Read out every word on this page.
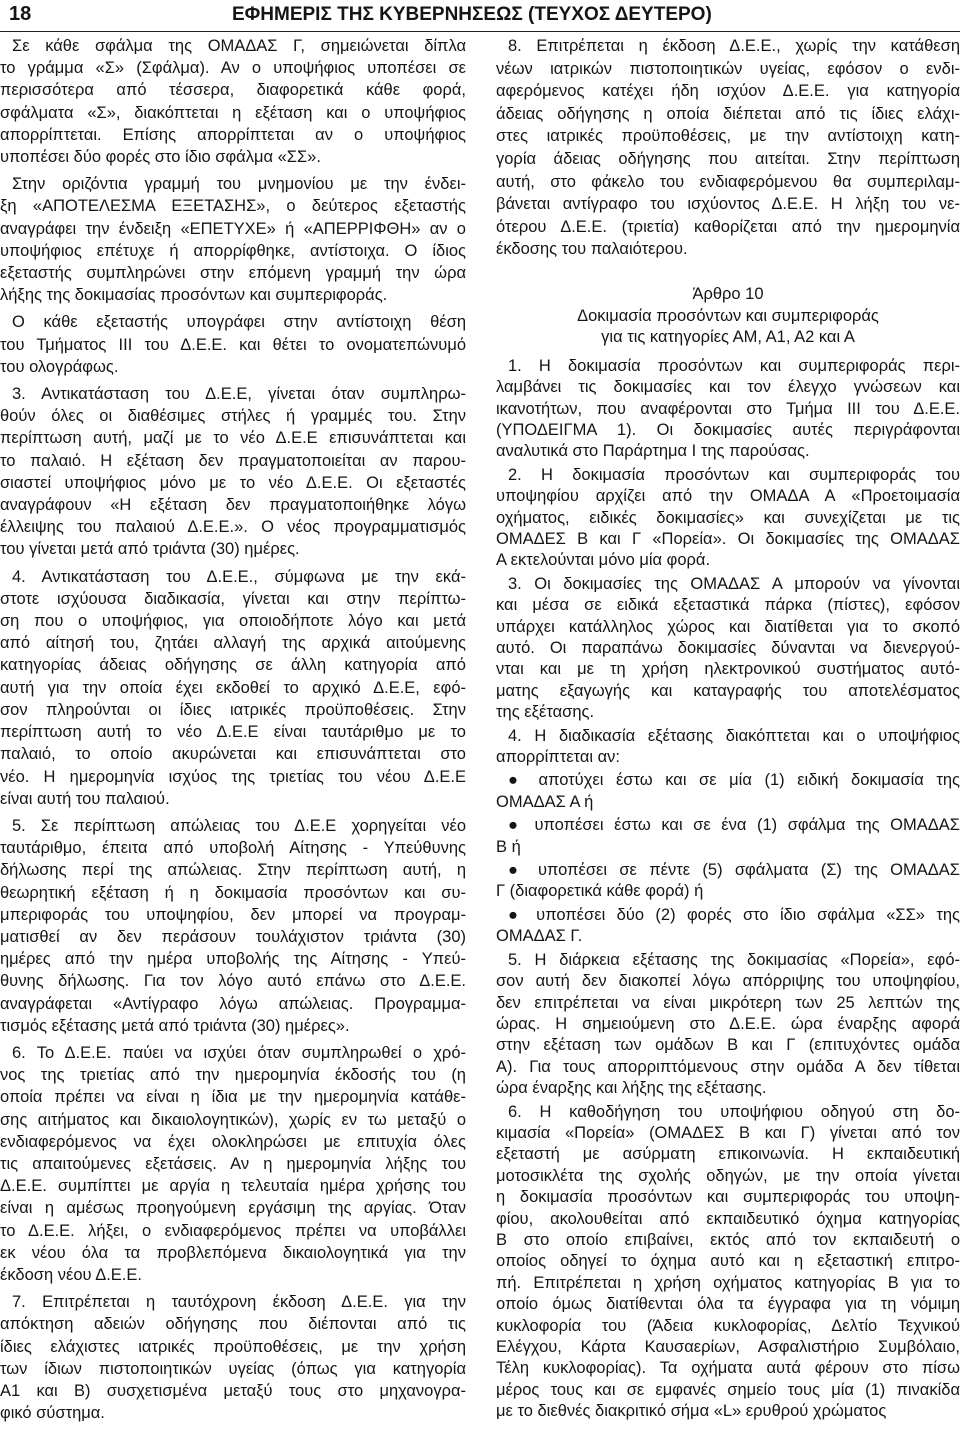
18	ΕΦΗΜΕΡΙΣ ΤΗΣ ΚΥΒΕΡΝΗΣΕΩΣ (ΤΕΥΧΟΣ ΔΕΥΤΕΡΟ)
Σε κάθε σφάλμα της ΟΜΑΔΑΣ Γ, σημειώνεται δίπλα
το γράμμα «Σ» (Σφάλμα). Αν ο υποψήφιος υποπέσει σε
περισσότερα από τέσσερα, διαφορετικά κάθε φορά,
σφάλματα «Σ», διακόπτεται η εξέταση και ο υποψήφιος
απορρίπτεται. Επίσης απορρίπτεται αν ο υποψήφιος
υποπέσει δύο φορές στο ίδιο σφάλμα «ΣΣ».
Στην οριζόντια γραμμή του μνημονίου με την ένδει-
ξη «ΑΠΟΤΕΛΕΣΜΑ ΕΞΕΤΑΣΗΣ», ο δεύτερος εξεταστής
αναγράφει την ένδειξη «ΕΠΕΤΥΧΕ» ή «ΑΠΕΡΡΙΦΘΗ» αν ο
υποψήφιος επέτυχε ή απορρίφθηκε, αντίστοιχα. Ο ίδιος
εξεταστής συμπληρώνει στην επόμενη γραμμή την ώρα
λήξης της δοκιμασίας προσόντων και συμπεριφοράς.
Ο κάθε εξεταστής υπογράφει στην αντίστοιχη θέση
του Τμήματος ΙΙΙ του Δ.Ε.Ε. και θέτει το ονοματεπώνυμό
του ολογράφως.
3. Αντικατάσταση του Δ.Ε.Ε, γίνεται όταν συμπληρω-
θούν όλες οι διαθέσιμες στήλες ή γραμμές του. Στην
περίπτωση αυτή, μαζί με το νέο Δ.Ε.Ε επισυνάπτεται και
το παλαιό. Η εξέταση δεν πραγματοποιείται αν παρου-
σιαστεί υποψήφιος μόνο με το νέο Δ.Ε.Ε. Οι εξεταστές
αναγράφουν «Η εξέταση δεν πραγματοποιήθηκε λόγω
έλλειψης του παλαιού Δ.Ε.Ε.». Ο νέος προγραμματισμός
του γίνεται μετά από τριάντα (30) ημέρες.
4. Αντικατάσταση του Δ.Ε.Ε., σύμφωνα με την εκά-
στοτε ισχύουσα διαδικασία, γίνεται και στην περίπτω-
ση που ο υποψήφιος, για οποιοδήποτε λόγο και μετά
από αίτησή του, ζητάει αλλαγή της αρχικά αιτούμενης
κατηγορίας άδειας οδήγησης σε άλλη κατηγορία από
αυτή για την οποία έχει εκδοθεί το αρχικό Δ.Ε.Ε, εφό-
σον πληρούνται οι ίδιες ιατρικές προϋποθέσεις. Στην
περίπτωση αυτή το νέο Δ.Ε.Ε είναι ταυτάριθμο με το
παλαιό, το οποίο ακυρώνεται και επισυνάπτεται στο
νέο. Η ημερομηνία ισχύος της τριετίας του νέου Δ.Ε.Ε
είναι αυτή του παλαιού.
5. Σε περίπτωση απώλειας του Δ.Ε.Ε χορηγείται νέο
ταυτάριθμο, έπειτα από υποβολή Αίτησης - Υπεύθυνης
δήλωσης περί της απώλειας. Στην περίπτωση αυτή, η
θεωρητική εξέταση ή η δοκιμασία προσόντων και συ-
μπεριφοράς του υποψηφίου, δεν μπορεί να προγραμ-
ματισθεί αν δεν περάσουν τουλάχιστον τριάντα (30)
ημέρες από την ημέρα υποβολής της Αίτησης - Υπεύ-
θυνης δήλωσης. Για τον λόγο αυτό επάνω στο Δ.Ε.Ε.
αναγράφεται «Αντίγραφο λόγω απώλειας. Προγραμμα-
τισμός εξέτασης μετά από τριάντα (30) ημέρες».
6. Το Δ.Ε.Ε. παύει να ισχύει όταν συμπληρωθεί ο χρό-
νος της τριετίας από την ημερομηνία έκδοσής του (η
οποία πρέπει να είναι η ίδια με την ημερομηνία κατάθε-
σης αιτήματος και δικαιολογητικών), χωρίς εν τω μεταξύ ο
ενδιαφερόμενος να έχει ολοκληρώσει με επιτυχία όλες
τις απαιτούμενες εξετάσεις. Αν η ημερομηνία λήξης του
Δ.Ε.Ε. συμπίπτει με αργία η τελευταία ημέρα χρήσης του
είναι η αμέσως προηγούμενη εργάσιμη της αργίας. Όταν
το Δ.Ε.Ε. λήξει, ο ενδιαφερόμενος πρέπει να υποβάλλει
εκ νέου όλα τα προβλεπόμενα δικαιολογητικά για την
έκδοση νέου Δ.Ε.Ε.
7. Επιτρέπεται η ταυτόχρονη έκδοση Δ.Ε.Ε. για την
απόκτηση αδειών οδήγησης που διέπονται από τις
ίδιες ελάχιστες ιατρικές προϋποθέσεις, με την χρήση
των ίδιων πιστοποιητικών υγείας (όπως για κατηγορία
Α1 και Β) συσχετισμένα μεταξύ τους στο μηχανογρα-
φικό σύστημα.
8. Επιτρέπεται η έκδοση Δ.Ε.Ε., χωρίς την κατάθεση
νέων ιατρικών πιστοποιητικών υγείας, εφόσον ο ενδι-
αφερόμενος κατέχει ήδη ισχύον Δ.Ε.Ε. για κατηγορία
άδειας οδήγησης η οποία διέπεται από τις ίδιες ελάχι-
στες ιατρικές προϋποθέσεις, με την αντίστοιχη κατη-
γορία άδειας οδήγησης που αιτείται. Στην περίπτωση
αυτή, στο φάκελο του ενδιαφερόμενου θα συμπεριλαμ-
βάνεται αντίγραφο του ισχύοντος Δ.Ε.Ε. Η λήξη του νε-
ότερου Δ.Ε.Ε. (τριετία) καθορίζεται από την ημερομηνία
έκδοσης του παλαιότερου.
Άρθρο 10
Δοκιμασία προσόντων και συμπεριφοράς
για τις κατηγορίες ΑΜ, Α1, Α2 και Α
1. Η δοκιμασία προσόντων και συμπεριφοράς περι-
λαμβάνει τις δοκιμασίες και τον έλεγχο γνώσεων και
ικανοτήτων, που αναφέρονται στο Τμήμα ΙΙΙ του Δ.Ε.Ε.
(ΥΠΟΔΕΙΓΜΑ 1). Οι δοκιμασίες αυτές περιγράφονται
αναλυτικά στο Παράρτημα Ι της παρούσας.
2. Η δοκιμασία προσόντων και συμπεριφοράς του
υποψηφίου αρχίζει από την ΟΜΑΔΑ Α «Προετοιμασία
οχήματος, ειδικές δοκιμασίες» και συνεχίζεται με τις
ΟΜΑΔΕΣ Β και Γ «Πορεία». Οι δοκιμασίες της ΟΜΑΔΑΣ
Α εκτελούνται μόνο μία φορά.
3. Οι δοκιμασίες της ΟΜΑΔΑΣ Α μπορούν να γίνονται
και μέσα σε ειδικά εξεταστικά πάρκα (πίστες), εφόσον
υπάρχει κατάλληλος χώρος και διατίθεται για το σκοπό
αυτό. Οι παραπάνω δοκιμασίες δύνανται να διενεργού-
νται και με τη χρήση ηλεκτρονικού συστήματος αυτό-
ματης εξαγωγής και καταγραφής του αποτελέσματος
της εξέτασης.
4. Η διαδικασία εξέτασης διακόπτεται και ο υποψήφιος
απορρίπτεται αν:
● αποτύχει έστω και σε μία (1) ειδική δοκιμασία της
ΟΜΑΔΑΣ Α ή
● υποπέσει έστω και σε ένα (1) σφάλμα της ΟΜΑΔΑΣ
Β ή
● υποπέσει σε πέντε (5) σφάλματα (Σ) της ΟΜΑΔΑΣ
Γ (διαφορετικά κάθε φορά) ή
● υποπέσει δύο (2) φορές στο ίδιο σφάλμα «ΣΣ» της
ΟΜΑΔΑΣ Γ.
5. Η διάρκεια εξέτασης της δοκιμασίας «Πορεία», εφό-
σον αυτή δεν διακοπεί λόγω απόρριψης του υποψηφίου,
δεν επιτρέπεται να είναι μικρότερη των 25 λεπτών της
ώρας. Η σημειούμενη στο Δ.Ε.Ε. ώρα έναρξης αφορά
στην εξέταση των ομάδων Β και Γ (επιτυχόντες ομάδα
Α). Για τους απορριπτόμενους στην ομάδα Α δεν τίθεται
ώρα έναρξης και λήξης της εξέτασης.
6. Η καθοδήγηση του υποψήφιου οδηγού στη δο-
κιμασία «Πορεία» (ΟΜΑΔΕΣ Β και Γ) γίνεται από τον
εξεταστή με ασύρματη επικοινωνία. Η εκπαιδευτική
μοτοσικλέτα της σχολής οδηγών, με την οποία γίνεται
η δοκιμασία προσόντων και συμπεριφοράς του υποψη-
φίου, ακολουθείται από εκπαιδευτικό όχημα κατηγορίας
Β στο οποίο επιβαίνει, εκτός από τον εκπαιδευτή ο
οποίος οδηγεί το όχημα αυτό και η εξεταστική επιτρο-
πή. Επιτρέπεται η χρήση οχήματος κατηγορίας Β για το
οποίο όμως διατίθενται όλα τα έγγραφα για τη νόμιμη
κυκλοφορία του (Άδεια κυκλοφορίας, Δελτίο Τεχνικού
Ελέγχου, Κάρτα Καυσαερίων, Ασφαλιστήριο Συμβόλαιο,
Τέλη κυκλοφορίας). Τα οχήματα αυτά φέρουν στο πίσω
μέρος τους και σε εμφανές σημείο τους μία (1) πινακίδα
με το διεθνές διακριτικό σήμα «L» ερυθρού χρώματος
